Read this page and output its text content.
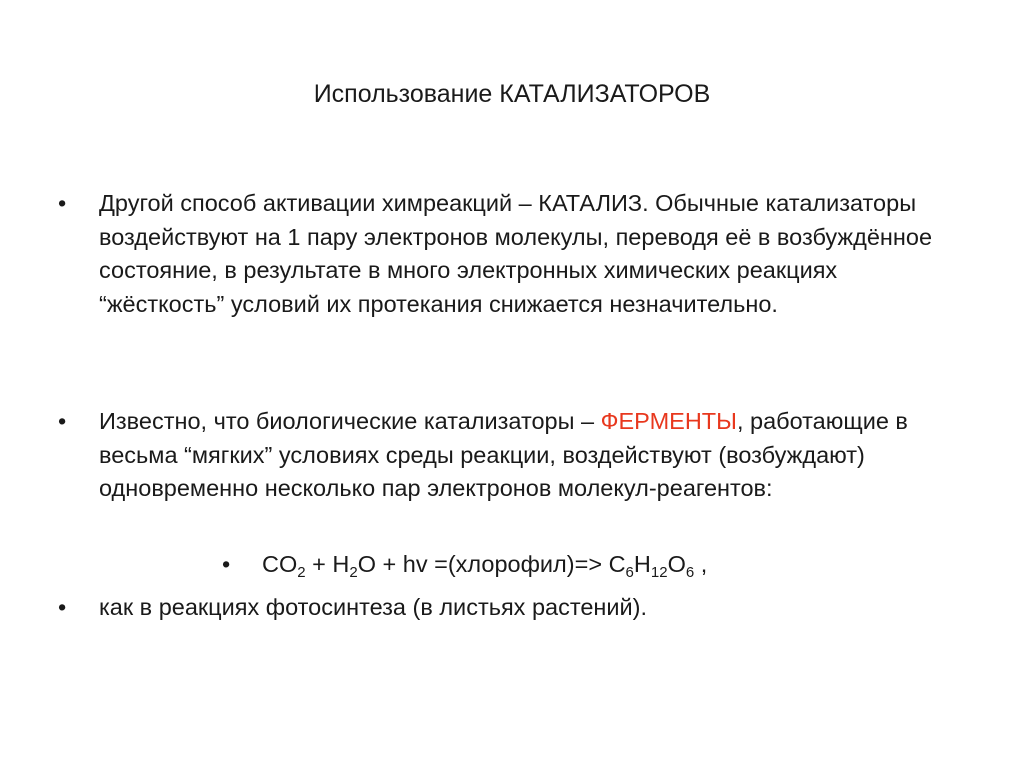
Использование КАТАЛИЗАТОРОВ
•	Другой способ активации химреакций – КАТАЛИЗ. Обычные катализаторы воздействуют на 1 пару электронов молекулы, переводя её в возбуждённое состояние, в результате в много электронных химических реакциях “жёсткость” условий их протекания снижается незначительно.
•	Известно, что биологические катализаторы – ФЕРМЕНТЫ, работающие в весьма “мягких” условиях среды реакции, воздействуют (возбуждают) одновременно несколько пар электронов молекул-реагентов:
•	$CO_2 + H_2O$ + hv =(хлорофил)=> $C_6H_{12}O_6$ ,
•	как в реакциях фотосинтеза (в листьях растений).
